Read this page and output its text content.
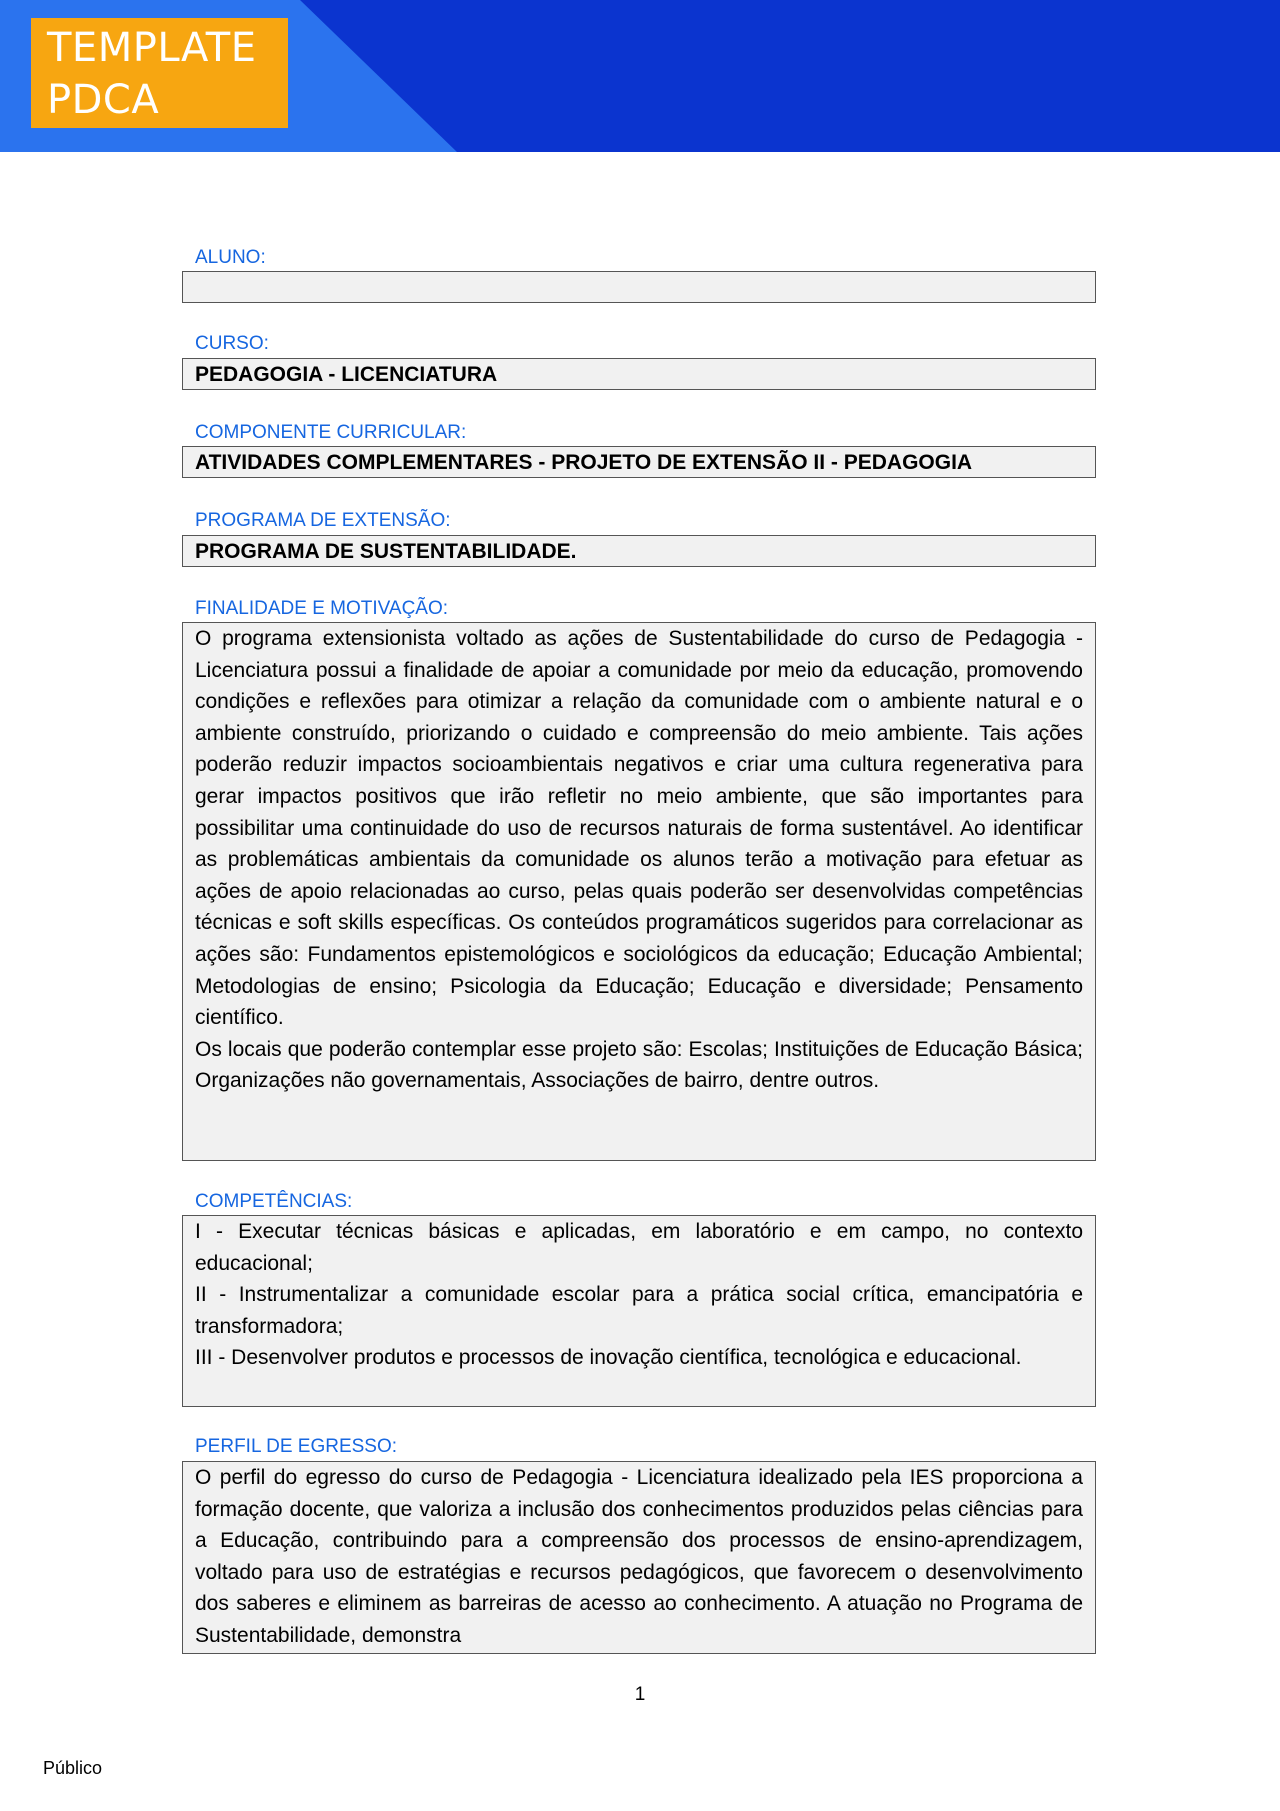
TEMPLATE
PDCA
ALUNO:
CURSO:
PEDAGOGIA - LICENCIATURA
COMPONENTE CURRICULAR:
ATIVIDADES COMPLEMENTARES - PROJETO DE EXTENSÃO II - PEDAGOGIA
PROGRAMA DE EXTENSÃO:
PROGRAMA DE SUSTENTABILIDADE.
FINALIDADE E MOTIVAÇÃO:

O programa extensionista voltado as ações de Sustentabilidade do curso de Pedagogia - Licenciatura possui a finalidade de apoiar a comunidade por meio da educação, promovendo condições e reflexões para otimizar a relação da comunidade com o ambiente natural e o ambiente construído, priorizando o cuidado e compreensão do meio ambiente. Tais ações poderão reduzir impactos socioambientais negativos e criar uma cultura regenerativa para gerar impactos positivos que irão refletir no meio ambiente, que são importantes para possibilitar uma continuidade do uso de recursos naturais de forma sustentável. Ao identificar as problemáticas ambientais da comunidade os alunos terão a motivação para efetuar as ações de apoio relacionadas ao curso, pelas quais poderão ser desenvolvidas competências técnicas e soft skills específicas. Os conteúdos programáticos sugeridos para correlacionar as ações são: Fundamentos epistemológicos e sociológicos da educação; Educação Ambiental; Metodologias de ensino; Psicologia da Educação; Educação e diversidade; Pensamento científico.

Os locais que poderão contemplar esse projeto são: Escolas; Instituições de Educação Básica; Organizações não governamentais, Associações de bairro, dentre outros.

COMPETÊNCIAS:

I - Executar técnicas básicas e aplicadas, em laboratório e em campo, no contexto educacional;

II - Instrumentalizar a comunidade escolar para a prática social crítica, emancipatória e transformadora;

III - Desenvolver produtos e processos de inovação científica, tecnológica e educacional.

PERFIL DE EGRESSO:

O perfil do egresso do curso de Pedagogia - Licenciatura idealizado pela IES proporciona a formação docente, que valoriza a inclusão dos conhecimentos produzidos pelas ciências para a Educação, contribuindo para a compreensão dos processos de ensino-aprendizagem, voltado para uso de estratégias e recursos pedagógicos, que favorecem o desenvolvimento dos saberes e eliminem as barreiras de acesso ao conhecimento. A atuação no Programa de Sustentabilidade, demonstra

1
Público
